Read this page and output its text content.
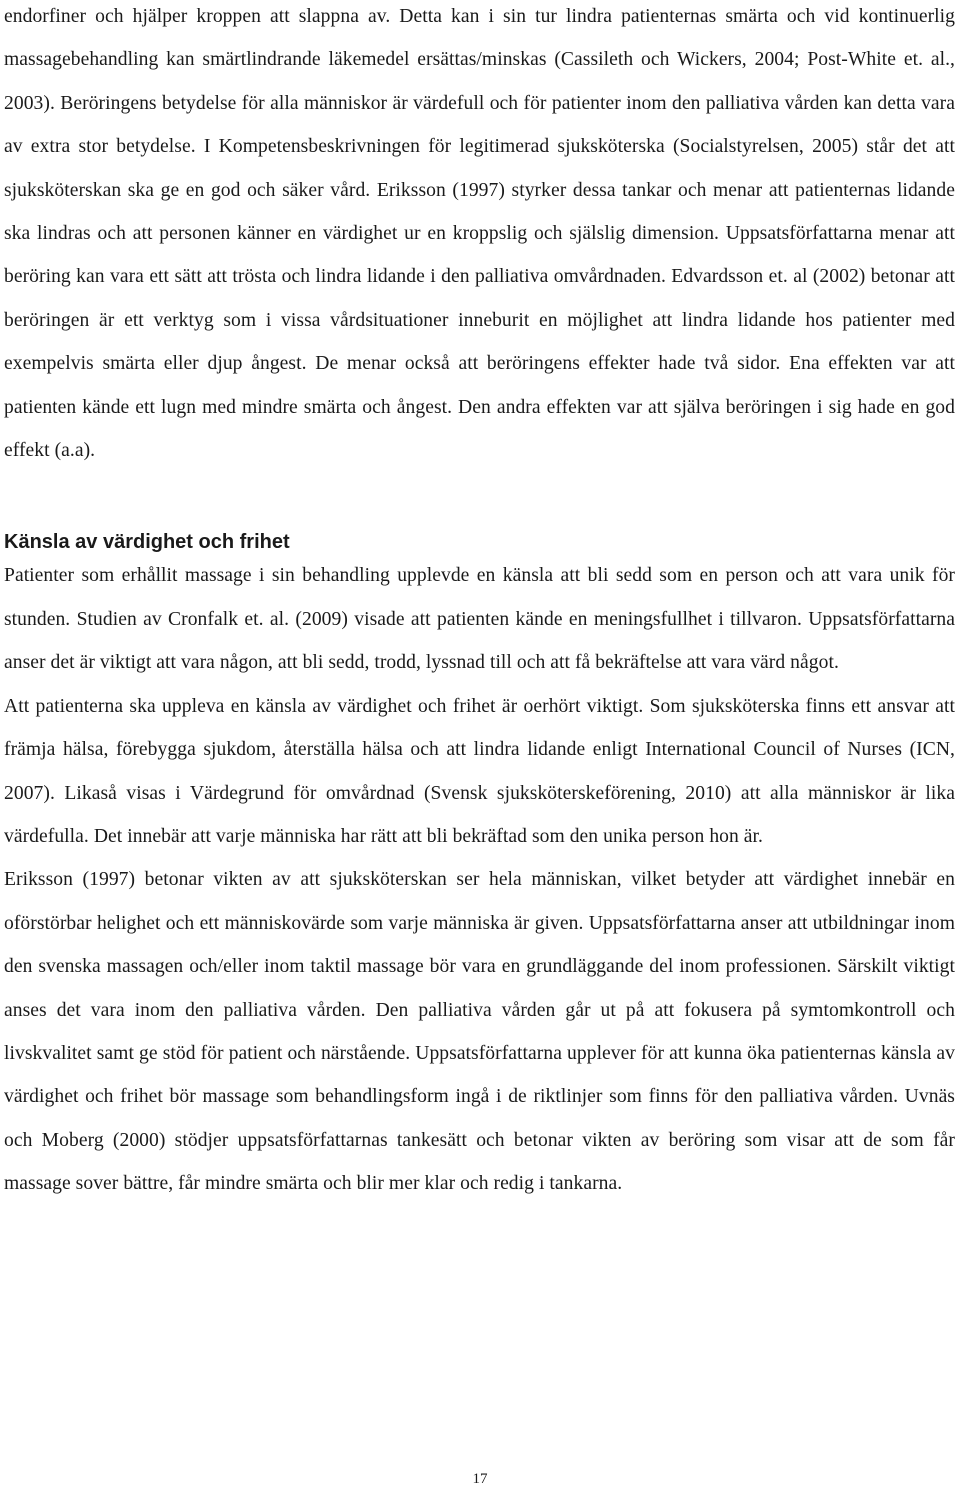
endorfiner och hjälper kroppen att slappna av. Detta kan i sin tur lindra patienternas smärta och vid kontinuerlig massagebehandling kan smärtlindrande läkemedel ersättas/minskas (Cassileth och Wickers, 2004; Post-White et. al., 2003). Beröringens betydelse för alla människor är värdefull och för patienter inom den palliativa vården kan detta vara av extra stor betydelse. I Kompetensbeskrivningen för legitimerad sjuksköterska (Socialstyrelsen, 2005) står det att sjuksköterskan ska ge en god och säker vård. Eriksson (1997) styrker dessa tankar och menar att patienternas lidande ska lindras och att personen känner en värdighet ur en kroppslig och själslig dimension. Uppsatsförfattarna menar att beröring kan vara ett sätt att trösta och lindra lidande i den palliativa omvårdnaden. Edvardsson et. al (2002) betonar att beröringen är ett verktyg som i vissa vårdsituationer inneburit en möjlighet att lindra lidande hos patienter med exempelvis smärta eller djup ångest. De menar också att beröringens effekter hade två sidor. Ena effekten var att patienten kände ett lugn med mindre smärta och ångest. Den andra effekten var att själva beröringen i sig hade en god effekt (a.a).

Känsla av värdighet och frihet

Patienter som erhållit massage i sin behandling upplevde en känsla att bli sedd som en person och att vara unik för stunden. Studien av Cronfalk et. al. (2009) visade att patienten kände en meningsfullhet i tillvaron. Uppsatsförfattarna anser det är viktigt att vara någon, att bli sedd, trodd, lyssnad till och att få bekräftelse att vara värd något.

Att patienterna ska uppleva en känsla av värdighet och frihet är oerhört viktigt. Som sjuksköterska finns ett ansvar att främja hälsa, förebygga sjukdom, återställa hälsa och att lindra lidande enligt International Council of Nurses (ICN, 2007). Likaså visas i Värdegrund för omvårdnad (Svensk sjuksköterskeförening, 2010) att alla människor är lika värdefulla. Det innebär att varje människa har rätt att bli bekräftad som den unika person hon är.

Eriksson (1997) betonar vikten av att sjuksköterskan ser hela människan, vilket betyder att värdighet innebär en oförstörbar helighet och ett människovärde som varje människa är given. Uppsatsförfattarna anser att utbildningar inom den svenska massagen och/eller inom taktil massage bör vara en grundläggande del inom professionen. Särskilt viktigt anses det vara inom den palliativa vården. Den palliativa vården går ut på att fokusera på symtomkontroll och livskvalitet samt ge stöd för patient och närstående. Uppsatsförfattarna upplever för att kunna öka patienternas känsla av värdighet och frihet bör massage som behandlingsform ingå i de riktlinjer som finns för den palliativa vården. Uvnäs och Moberg (2000) stödjer uppsatsförfattarnas tankesätt och betonar vikten av beröring som visar att de som får massage sover bättre, får mindre smärta och blir mer klar och redig i tankarna.

17
